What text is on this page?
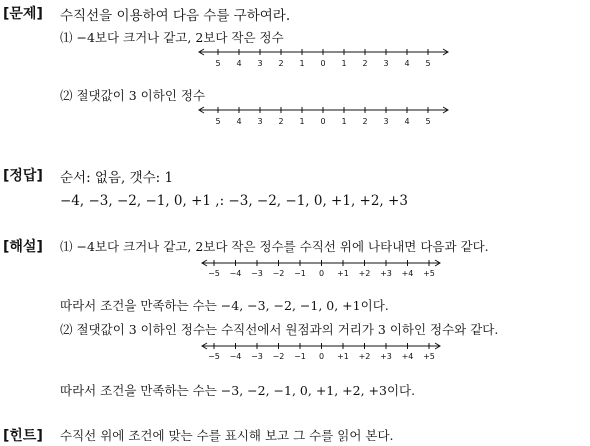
[문제] 수직선을 이용하여 다음 수를 구하여라.
⑴ −4보다 크거나 같고, 2보다 작은 정수
5 4 3 2 1 0 1 2 3 4 5
⑵ 절댓값이 3 이하인 정수
5 4 3 2 1 0 1 2 3 4 5
[정답] 순서: 없음, 갯수: 1
−4, −3, −2, −1, 0, +1 ,: −3, −2, −1, 0, +1, +2, +3
[해설] ⑴ −4보다 크거나 같고, 2보다 작은 정수를 수직선 위에 나타내면 다음과 같다.
−5 −4 −3 −2 −1 0 +1 +2 +3 +4 +5
따라서 조건을 만족하는 수는 −4, −3, −2, −1, 0, +1이다.
⑵ 절댓값이 3 이하인 정수는 수직선에서 원점과의 거리가 3 이하인 정수와 같다.
−5 −4 −3 −2 −1 0 +1 +2 +3 +4 +5
따라서 조건을 만족하는 수는 −3, −2, −1, 0, +1, +2, +3이다.
[힌트] 수직선 위에 조건에 맞는 수를 표시해 보고 그 수를 읽어 본다.
